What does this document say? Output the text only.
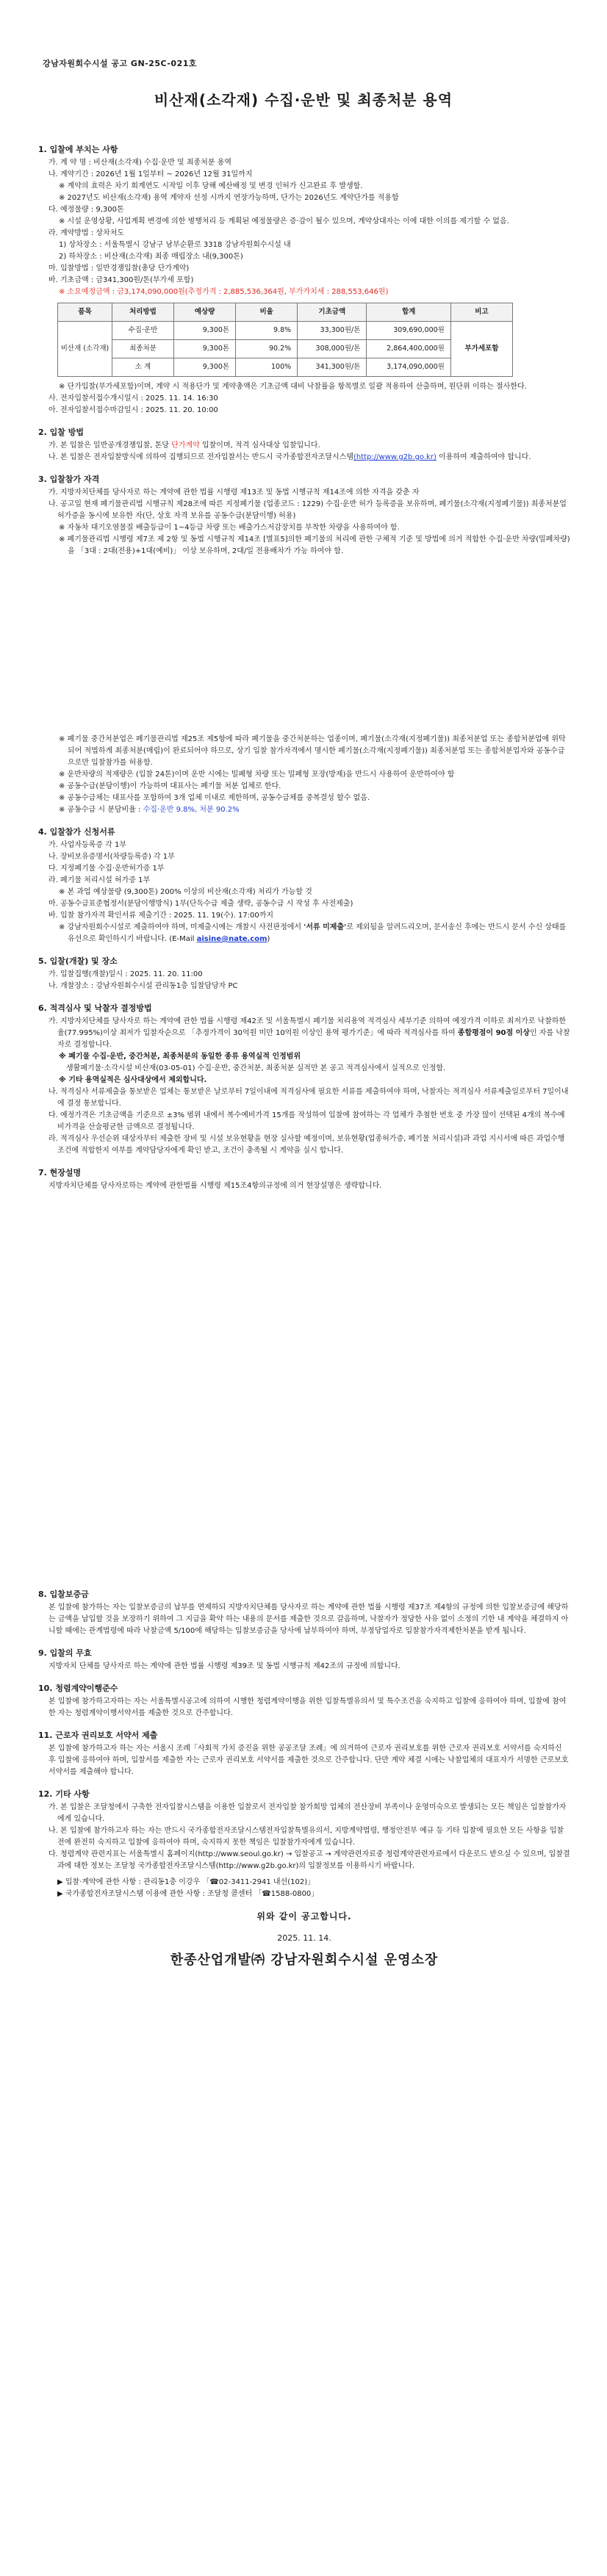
강남자원회수시설 공고 GN-25C-021호
비산재(소각재) 수집·운반 및 최종처분 용역
1. 입찰에 부치는 사항
가. 계 약 명 : 비산재(소각재) 수집·운반 및 최종처분 용역
나. 계약기간 : 2026년 1월 1일부터 ~ 2026년 12월 31일까지
※ 계약의 효력은 차기 회계연도 시작일 이후 당해 예산배정 및 변경 인허가 신고완료 후 발생함.
※ 2027년도 비산재(소각재) 용역 계약자 선정 시까지 연장가능하며, 단가는 2026년도 계약단가를 적용함
다. 예정물량 : 9,300톤
※ 시설 운영상황, 사업계획 변경에 의한 병행처리 등 계획된 예정물량은 증·감이 될수 있으며, 계약상대자는 이에 대한 이의를 제기할 수 없음.
라. 계약방법 : 상차처도
1) 상차장소 : 서울특별시 강남구 남부순환로 3318 강남자원회수시설 내
2) 하차장소 : 비산재(소각재) 최종 매립장소 내(9,300톤)
마. 입찰방법 : 일반경쟁입찰(총당 단가계약)
바. 기초금액 : 금341,300원/톤(부가세 포함)
※ 소요예정금액 : 금3,174,090,000원(추정가격 : 2,885,536,364원, 부가가치세 : 288,553,646원)
품목	처리방법	예상량	비율	기초금액	합계	비고
비산재 (소각재)	수집·운반	9,300톤	9.8%	33,300원/톤	309,690,000원	부가세포함
	최종처분	9,300톤	90.2%	308,000원/톤	2,864,400,000원	
	소 계	9,300톤	100%	341,300원/톤	3,174,090,000원	
※ 단가입찰(부가세포함)이며, 계약 시 적용단가 및 계약총액은 기초금액 대비 낙찰률을 항목별로 일괄 적용하여 산출하며, 원단위 이하는 절사한다.
사. 전자입찰서접수개시일시 : 2025. 11. 14. 16:30
아. 전자입찰서접수마감일시 : 2025. 11. 20. 10:00
2. 입찰 방법
가. 본 입찰은 일반공개경쟁입찰, 톤당 단가계약 입찰이며, 적격 심사대상 입찰입니다.
나. 본 입찰은 전자입찰방식에 의하여 집행되므로 전자입찰서는 반드시 국가종합전자조달시스템(http://www.g2b.go.kr) 이용하여 제출하여야 합니다.
3. 입찰참가 자격
가. 지방자치단체를 당사자로 하는 계약에 관한 법률 시행령 제13조 및 동법 시행규칙 제14조에 의한 자격을 갖춘 자
나. 공고일 현재 폐기물관리법 시행규칙 제28조에 따른 지정폐기물 (업종코드 : 1229) 수집·운반 허가 등록증을 보유하며, 폐기물(소각재(지정폐기물)) 최종처분업 허가증을 동시에 보유한 자(단, 상호 자격 보유를 공동수급(분담이행) 허용)
※ 자동차 대기오염물질 배출등급이 1~4등급 차량 또는 배출가스저감장치를 부착한 차량을 사용하여야 함.
※ 폐기물관리법 시행령 제7조 제 2항 및 동법 시행규칙 제14조 [별표5]의한 폐기물의 처리에 관한 구체적 기준 및 방법에 의거 적합한 수집·운반 차량(밀폐차량)을 「3대 : 2대(전용)+1대(예비)」 이상 보유하며, 2대/일 전용배차가 가능 하여야 함.
※ 폐기물 중간처분업은 폐기물관리법 제25조 제5항에 따라 폐기물을 중간처분하는 업종이며, 폐기물(소각재(지정폐기물)) 최종처분업 또는 종합처분업에 위탁되어 적법하게 최종처분(매립)이 완료되어야 하므로, 상기 입찰 참가자격에서 명시한 폐기물(소각재(지정폐기물)) 최종처분업 또는 종합처분업자와 공동수급으로만 입찰참가를 허용함.
※ 운반차량의 적재량은 (입찰 24톤)이며 운반 시에는 밀폐형 차량 또는 밀폐형 포장(방제)을 반드시 사용하여 운반하여야 함
※ 공동수급(분담이행)이 가능하며 대표사는 폐기물 처분 업체로 한다.
※ 공동수급체는 대표사를 포함하여 3개 업체 이내로 제한하며, 공동수급체를 중복결성 할수 없음.
※ 공동수급 시 분담비율 : 수집·운반 9.8%, 처분 90.2%
4. 입찰참가 신청서류
가. 사업자등록증 각 1부
나. 장비보유증명서(차량등록증) 각 1부
다. 지정폐기물 수집·운반허가증 1부
라. 폐기물 처리시설 허가증 1부
※ 본 과업 예상물량 (9,300톤) 200% 이상의 비산재(소각재) 처리가 가능할 것
마. 공동수급표준협정서(분담이행방식) 1부(단독수급 제출 생략, 공동수급 시 작성 후 사전제출)
바. 입찰 참가자격 확인서류 제출기간 : 2025. 11. 19(수). 17:00까지
※ 강남자원회수시설로 제출하여야 하며, 미제출시에는 개찰시 사전판정에서 '서류 미제출'로 제외됨을 알려드리오며, 문서송신 후에는 반드시 문서 수신 상태를 유선으로 확인하시기 바랍니다. (E-Mail aisine@nate.com)
5. 입찰(개찰) 및 장소
가. 입찰집행(개찰)일시 : 2025. 11. 20. 11:00
나. 개찰장소 : 강남자원회수시설 관리동1층 입찰담당자 PC
6. 적격심사 및 낙찰자 결정방법
가. 지방자치단체를 당사자로 하는 계약에 관한 법률 시행령 제42조 및 서울특별시 폐기물 처리용역 적격심사 세부기준 의하여 예정가격 이하로 최저가로 낙찰하한율(77.995%)이상 최저가 입찰자순으로 「추정가격이 30억원 미만 10억원 이상인 용역 평가기준」에 따라 적격심사를 하여 종합평점이 90점 이상인 자를 낙찰자로 결정합니다.
※ 폐기물 수집·운반, 중간처분, 최종처분의 동일한 종류 용역실적 인정범위
생활폐기물·소각시설 비산재(03-05-01) 수집·운반, 중간처분, 최종처분 실적만 본 공고 적격심사에서 실적으로 인정함.
※ 기타 용역실적은 심사대상에서 제외합니다.
나. 적격심사 서류제출을 통보받은 업체는 통보받은 날로부터 7일이내에 적격심사에 필요한 서류를 제출하여야 하며, 낙찰자는 적격심사 서류제출일로부터 7일이내에 결정 통보합니다.
다. 예정가격은 기초금액을 기준으로 ±3% 범위 내에서 복수예비가격 15개를 작성하여 입찰에 참여하는 각 업체가 추첨한 번호 중 가장 많이 선택된 4개의 복수예비가격을 산술평균한 금액으로 결정됩니다.
라. 적격심사 우선순위 대상자부터 제출한 장비 및 시설 보유현황을 현장 실사할 예정이며, 보유현황(업종허가증, 폐기물 처리시설)과 과업 지시서에 따른 과업수행 조건에 적합한지 여부를 계약담당자에게 확인 받고, 조건이 충족될 시 계약을 실시 합니다.
7. 현장설명
지방자치단체를 당사자로하는 계약에 관한법률 시행령 제15조4항의규정에 의거 현장설명은 생략합니다.
8. 입찰보증금
본 입찰에 참가하는 자는 입찰보증금의 납부를 면제하되 지방자치단체를 당사자로 하는 계약에 관한 법률 시행령 제37조 제4항의 규정에 의한 입찰보증금에 해당하는 금액을 납입할 것을 보장하기 위하여 그 지급을 확약 하는 내용의 문서를 제출한 것으로 갈음하며, 낙찰자가 정당한 사유 없이 소정의 기한 내 계약을 체결하지 아니할 때에는 관계법령에 따라 낙찰금액 5/100에 해당하는 입찰보증금을 당사에 납부하여야 하며, 부정당업자로 입찰참가자격제한처분을 받게 됩니다.
9. 입찰의 무효
지방자치 단체를 당사자로 하는 계약에 관한 법률 시행령 제39조 및 동법 시행규칙 제42조의 규정에 의합니다.
10. 청렴계약이행준수
본 입찰에 참가하고자하는 자는 서울특별시공고에 의하여 시행한 청렴계약이행을 위한 입찰특별유의서 및 특수조건을 숙지하고 입찰에 응하여야 하며, 입찰에 참여한 자는 청렴계약이행서약서를 제출한 것으로 간주합니다.
11. 근로자 권리보호 서약서 제출
본 입찰에 참가하고자 하는 자는 서울시 조례「사회적 가치 증진을 위한 공공조달 조례」에 의거하여 근로자 권리보호를 위한 근로자 권리보호 서약서를 숙지하신 후 입찰에 응하여야 하며, 입찰서를 제출한 자는 근로자 권리보호 서약서를 제출한 것으로 간주합니다. 단만 계약 체결 시에는 낙찰업체의 대표자가 서명한 근로보호서약서를 제출해야 합니다.
12. 기타 사항
가. 본 입찰은 조달청에서 구축한 전자입찰시스템을 이용한 입찰로서 전자입찰 참가희망 업체의 전산장비 부족이나 운영미숙으로 발생되는 모든 책임은 입찰참가자에게 있습니다.
나. 본 입찰에 참가하고자 하는 자는 반드시 국가종합전자조달시스템전자입찰특별유의서, 지방계약법령, 행정안전부 예규 등 기타 입찰에 필요한 모든 사항을 입찰전에 완전히 숙지하고 입찰에 응하여야 하며, 숙지하지 못한 책임은 입찰참가자에게 있습니다.
다. 청렴계약 관련지표는 서울특별시 홈페이지(http://www.seoul.go.kr) → 입찰공고 → 계약관련자료중 청렴계약관련자료에서 다운로드 받으실 수 있으며, 입찰결과에 대한 정보는 조달청 국가종합전자조달시스템(http://www.g2b.go.kr)의 입찰정보를 이용하시기 바랍니다.
▶ 입찰·계약에 관한 사항 : 관리동1층 이강우 「☎02-3411-2941 내선(102)」
▶ 국가종합전자조달시스템 이용에 관한 사항 : 조달청 콜센터 「☎1588-0800」
위와 같이 공고합니다.
2025. 11. 14.
한종산업개발㈜ 강남자원회수시설 운영소장
